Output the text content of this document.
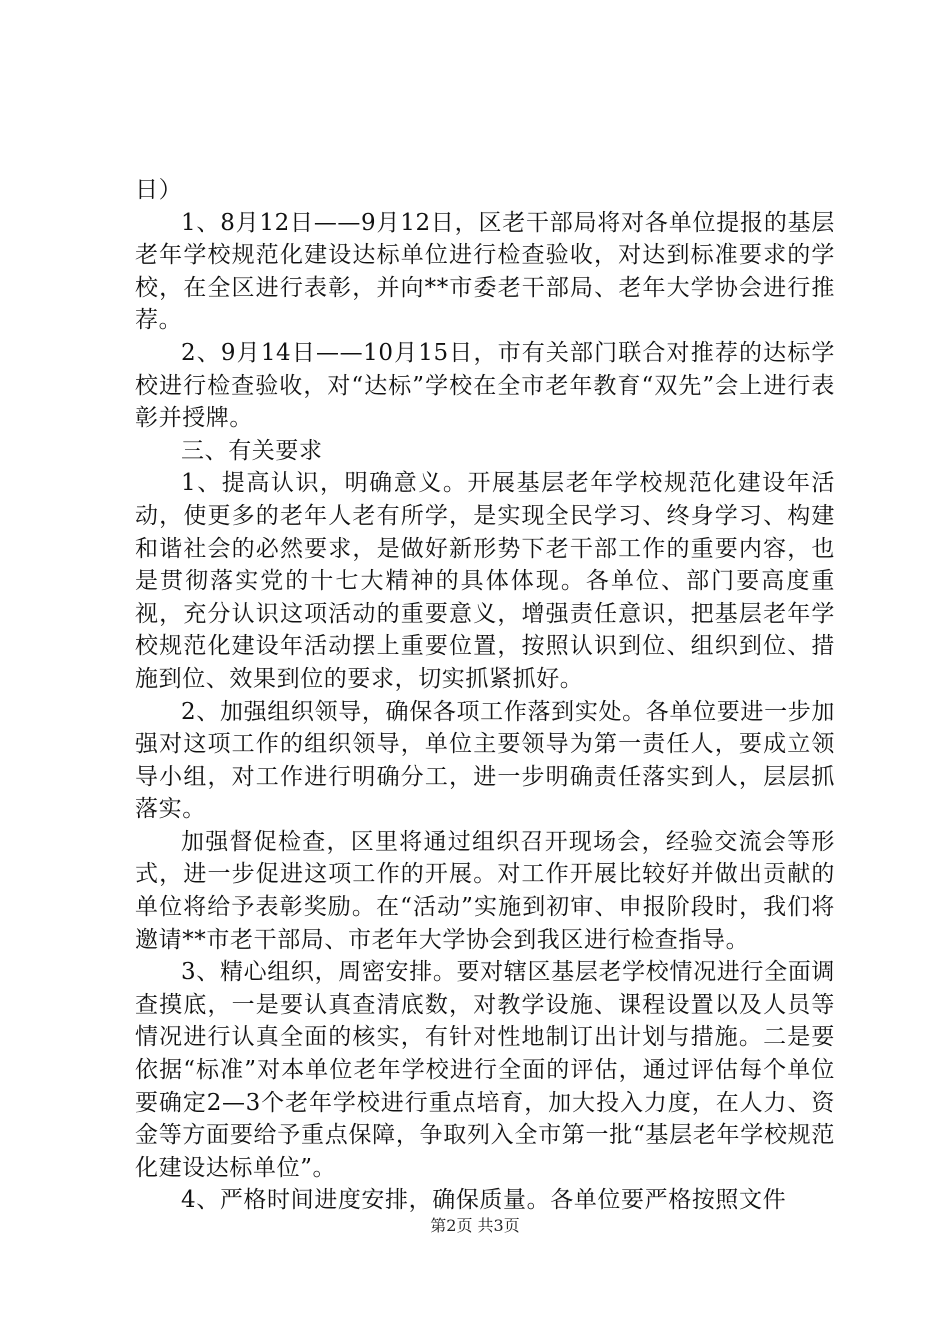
日）

1、8月12日——9月12日，区老干部局将对各单位提报的基层老年学校规范化建设达标单位进行检查验收，对达到标准要求的学校，在全区进行表彰，并向**市委老干部局、老年大学协会进行推荐。

2、9月14日——10月15日，市有关部门联合对推荐的达标学校进行检查验收，对“达标”学校在全市老年教育“双先”会上进行表彰并授牌。

三、有关要求

1、提高认识，明确意义。开展基层老年学校规范化建设年活动，使更多的老年人老有所学，是实现全民学习、终身学习、构建和谐社会的必然要求，是做好新形势下老干部工作的重要内容，也是贯彻落实党的十七大精神的具体体现。各单位、部门要高度重视，充分认识这项活动的重要意义，增强责任意识，把基层老年学校规范化建设年活动摆上重要位置，按照认识到位、组织到位、措施到位、效果到位的要求，切实抓紧抓好。

2、加强组织领导，确保各项工作落到实处。各单位要进一步加强对这项工作的组织领导，单位主要领导为第一责任人，要成立领导小组，对工作进行明确分工，进一步明确责任落实到人，层层抓落实。

加强督促检查，区里将通过组织召开现场会，经验交流会等形式，进一步促进这项工作的开展。对工作开展比较好并做出贡献的单位将给予表彰奖励。在“活动”实施到初审、申报阶段时，我们将邀请**市老干部局、市老年大学协会到我区进行检查指导。

3、精心组织，周密安排。要对辖区基层老学校情况进行全面调查摸底，一是要认真查清底数，对教学设施、课程设置以及人员等情况进行认真全面的核实，有针对性地制订出计划与措施。二是要依据“标准”对本单位老年学校进行全面的评估，通过评估每个单位要确定2—3个老年学校进行重点培育，加大投入力度，在人力、资金等方面要给予重点保障，争取列入全市第一批“基层老年学校规范化建设达标单位”。

4、严格时间进度安排，确保质量。各单位要严格按照文件

第2页 共3页
